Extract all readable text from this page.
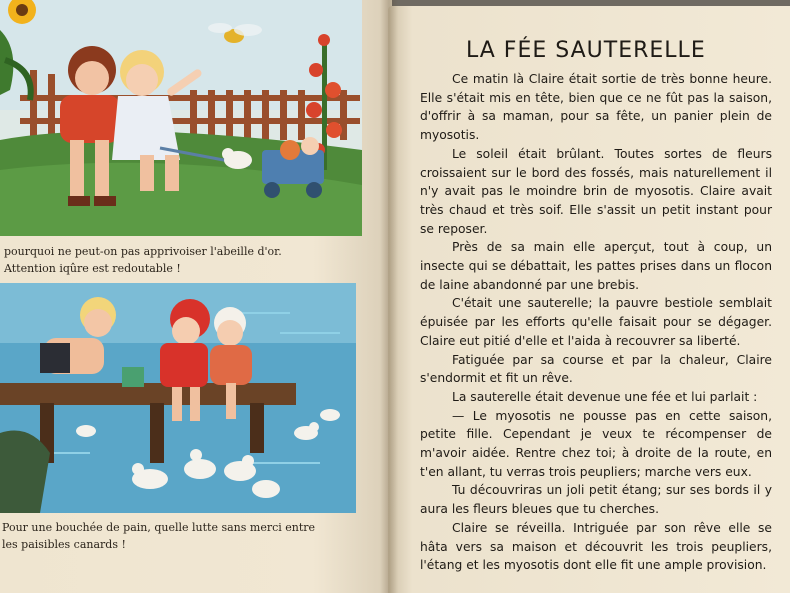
pourquoi ne peut-on pas apprivoiser l'abeille d'or. Attention iqûre est redoutable !
Pour une bouchée de pain, quelle lutte sans merci entre les paisibles canards !
LA FÉE SAUTERELLE

Ce matin là Claire était sortie de très bonne heure. Elle s'était mis en tête, bien que ce ne fût pas la saison, d'offrir à sa maman, pour sa fête, un panier plein de myosotis.

Le soleil était brûlant. Toutes sortes de fleurs croissaient sur le bord des fossés, mais naturellement il n'y avait pas le moindre brin de myosotis. Claire avait très chaud et très soif. Elle s'assit un petit instant pour se reposer.

Près de sa main elle aperçut, tout à coup, un insecte qui se débattait, les pattes prises dans un flocon de laine abandonné par une brebis.

C'était une sauterelle; la pauvre bestiole semblait épuisée par les efforts qu'elle faisait pour se dégager. Claire eut pitié d'elle et l'aida à recouvrer sa liberté.

Fatiguée par sa course et par la chaleur, Claire s'endormit et fit un rêve.

La sauterelle était devenue une fée et lui parlait :

— Le myosotis ne pousse pas en cette saison, petite fille. Cependant je veux te récompenser de m'avoir aidée. Rentre chez toi; à droite de la route, en t'en allant, tu verras trois peupliers; marche vers eux.

Tu découvriras un joli petit étang; sur ses bords il y aura les fleurs bleues que tu cherches.

Claire se réveilla. Intriguée par son rêve elle se hâta vers sa maison et découvrit les trois peupliers, l'étang et les myosotis dont elle fit une ample provision.
